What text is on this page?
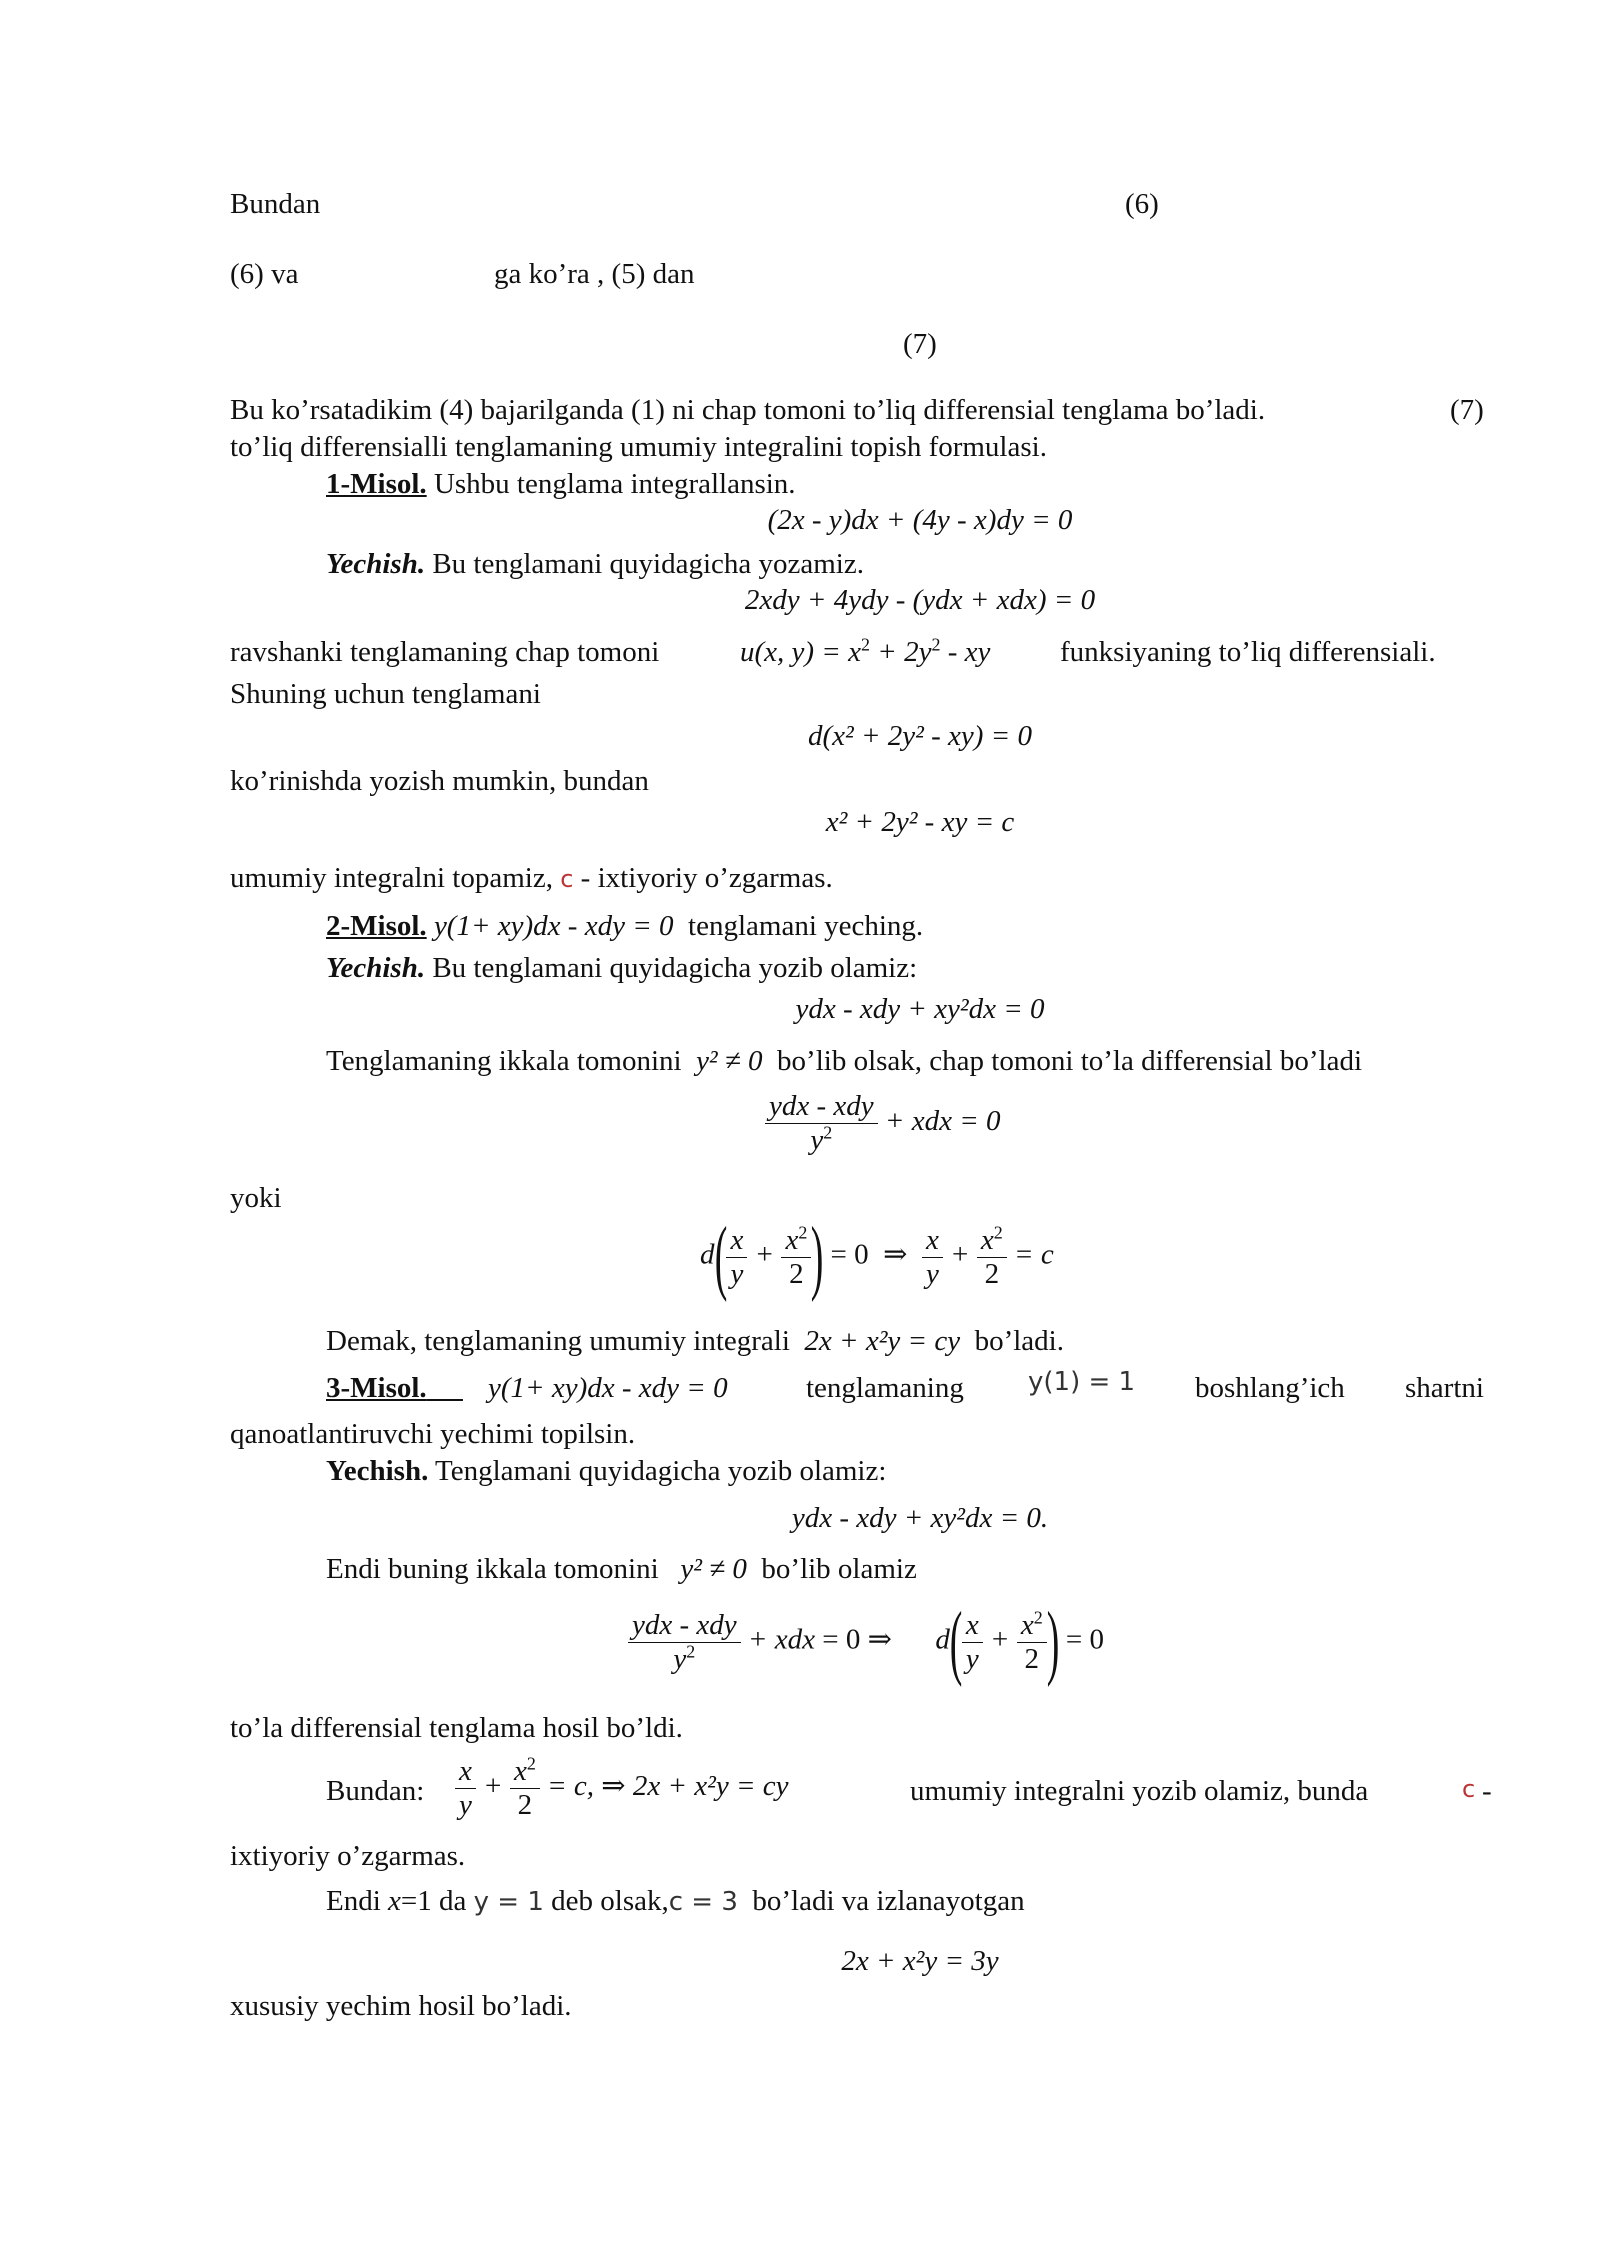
Bundan	(6)
(6) va	ga ko’ra , (5) dan
(7)
Bu ko’rsatadikim (4) bajarilganda (1) ni chap tomoni to’liq differensial tenglama bo’ladi.	(7)
to’liq differensialli tenglamaning umumiy integralini topish formulasi.
1-Misol. Ushbu tenglama integrallansin.
(2x - y)dx + (4y - x)dy = 0
Yechish. Bu tenglamani quyidagicha yozamiz.
2xdy + 4ydy - (ydx + xdx) = 0
ravshanki tenglamaning chap tomoni	u(x, $y) = x^2 + 2y^2$ - xy funksiyaning to’liq differensiali.
Shuning uchun tenglamani
d(x² + 2y² - xy) = 0
ko’rinishda yozish mumkin, bundan
x² + 2y² - xy = c
umumiy integralni topamiz, c - ixtiyoriy o’zgarmas.
2-Misol. y(1+ xy)dx - xdy = 0 tenglamani yeching.
Yechish. Bu tenglamani quyidagicha yozib olamiz:
ydx - xdy + xy²dx = 0
Tenglamaning ikkala tomonini y² ≠ 0 bo’lib olsak, chap tomoni to’la differensial bo’ladi
$\frac{\text{ydx - xdy}}{y^2}$ + xdx = 0
yoki
$d( \frac{x}{y} + \frac{x^2}{2}$ ) = 0 ⇒ $\frac{x}{y} + \frac{x^2}{2} = c$
Demak, tenglamaning umumiy integrali 2x + x²y = cy bo’ladi.
3-Misol.	y(1+ xy)dx - xdy = 0	tenglamaning y(1) = 1 boshlang’ich shartni
qanoatlantiruvchi yechimi topilsin.
Yechish. Tenglamani quyidagicha yozib olamiz:
ydx - xdy + xy²dx = 0.
Endi buning ikkala tomonini y² ≠ 0 bo’lib olamiz
$\frac{\text{ydx - xdy}}{y^2}$ + xdx = 0 ⇒ $d( \frac{x}{y} + \frac{x^2}{2}$ ) = 0
to’la differensial tenglama hosil bo’ldi.
Bundan: $\frac{x}{y} + \frac{x^2}{2} = c$, ⇒ 2x + x²y = cy	umumiy integralni yozib olamiz, bunda	c -
ixtiyoriy o’zgarmas.
Endi x=1 da y = 1 deb olsak,c = 3 bo’ladi va izlanayotgan
2x + x²y = 3y
xususiy yechim hosil bo’ladi.
